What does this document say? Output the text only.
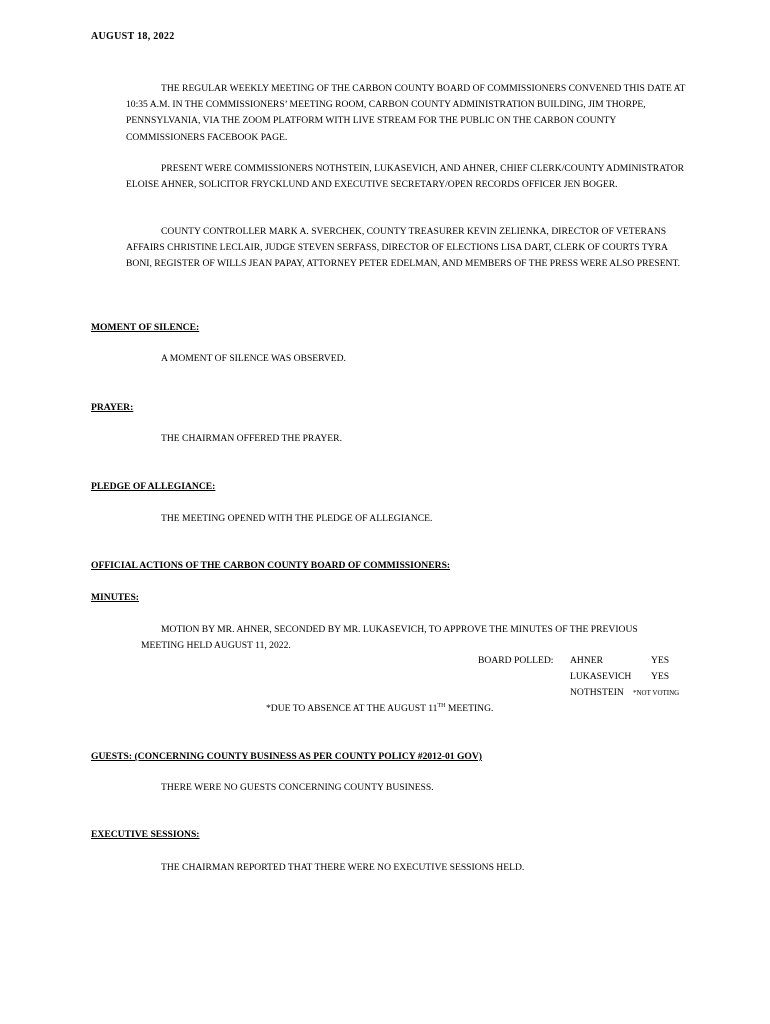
AUGUST 18, 2022
THE REGULAR WEEKLY MEETING OF THE CARBON COUNTY BOARD OF COMMISSIONERS CONVENED THIS DATE AT 10:35 A.M. IN THE COMMISSIONERS’ MEETING ROOM, CARBON COUNTY ADMINISTRATION BUILDING, JIM THORPE, PENNSYLVANIA, VIA THE ZOOM PLATFORM WITH LIVE STREAM FOR THE PUBLIC ON THE CARBON COUNTY COMMISSIONERS FACEBOOK PAGE.
PRESENT WERE COMMISSIONERS NOTHSTEIN, LUKASEVICH, AND AHNER, CHIEF CLERK/COUNTY ADMINISTRATOR ELOISE AHNER, SOLICITOR FRYCKLUND AND EXECUTIVE SECRETARY/OPEN RECORDS OFFICER JEN BOGER.
COUNTY CONTROLLER MARK A. SVERCHEK, COUNTY TREASURER KEVIN ZELIENKA, DIRECTOR OF VETERANS AFFAIRS CHRISTINE LECLAIR, JUDGE STEVEN SERFASS, DIRECTOR OF ELECTIONS LISA DART, CLERK OF COURTS TYRA BONI, REGISTER OF WILLS JEAN PAPAY, ATTORNEY PETER EDELMAN, AND MEMBERS OF THE PRESS WERE ALSO PRESENT.
MOMENT OF SILENCE:
A MOMENT OF SILENCE WAS OBSERVED.
PRAYER:
THE CHAIRMAN OFFERED THE PRAYER.
PLEDGE OF ALLEGIANCE:
THE MEETING OPENED WITH THE PLEDGE OF ALLEGIANCE.
OFFICIAL ACTIONS OF THE CARBON COUNTY BOARD OF COMMISSIONERS:
MINUTES:
MOTION BY MR. AHNER, SECONDED BY MR. LUKASEVICH, TO APPROVE THE MINUTES OF THE PREVIOUS MEETING HELD AUGUST 11, 2022.
BOARD POLLED: AHNER	YES
LUKASEVICH YES
NOTHSTEIN *NOT VOTING
*DUE TO ABSENCE AT THE AUGUST 11TH MEETING.
GUESTS: (CONCERNING COUNTY BUSINESS AS PER COUNTY POLICY #2012-01 GOV)
THERE WERE NO GUESTS CONCERNING COUNTY BUSINESS.
EXECUTIVE SESSIONS:
THE CHAIRMAN REPORTED THAT THERE WERE NO EXECUTIVE SESSIONS HELD.
